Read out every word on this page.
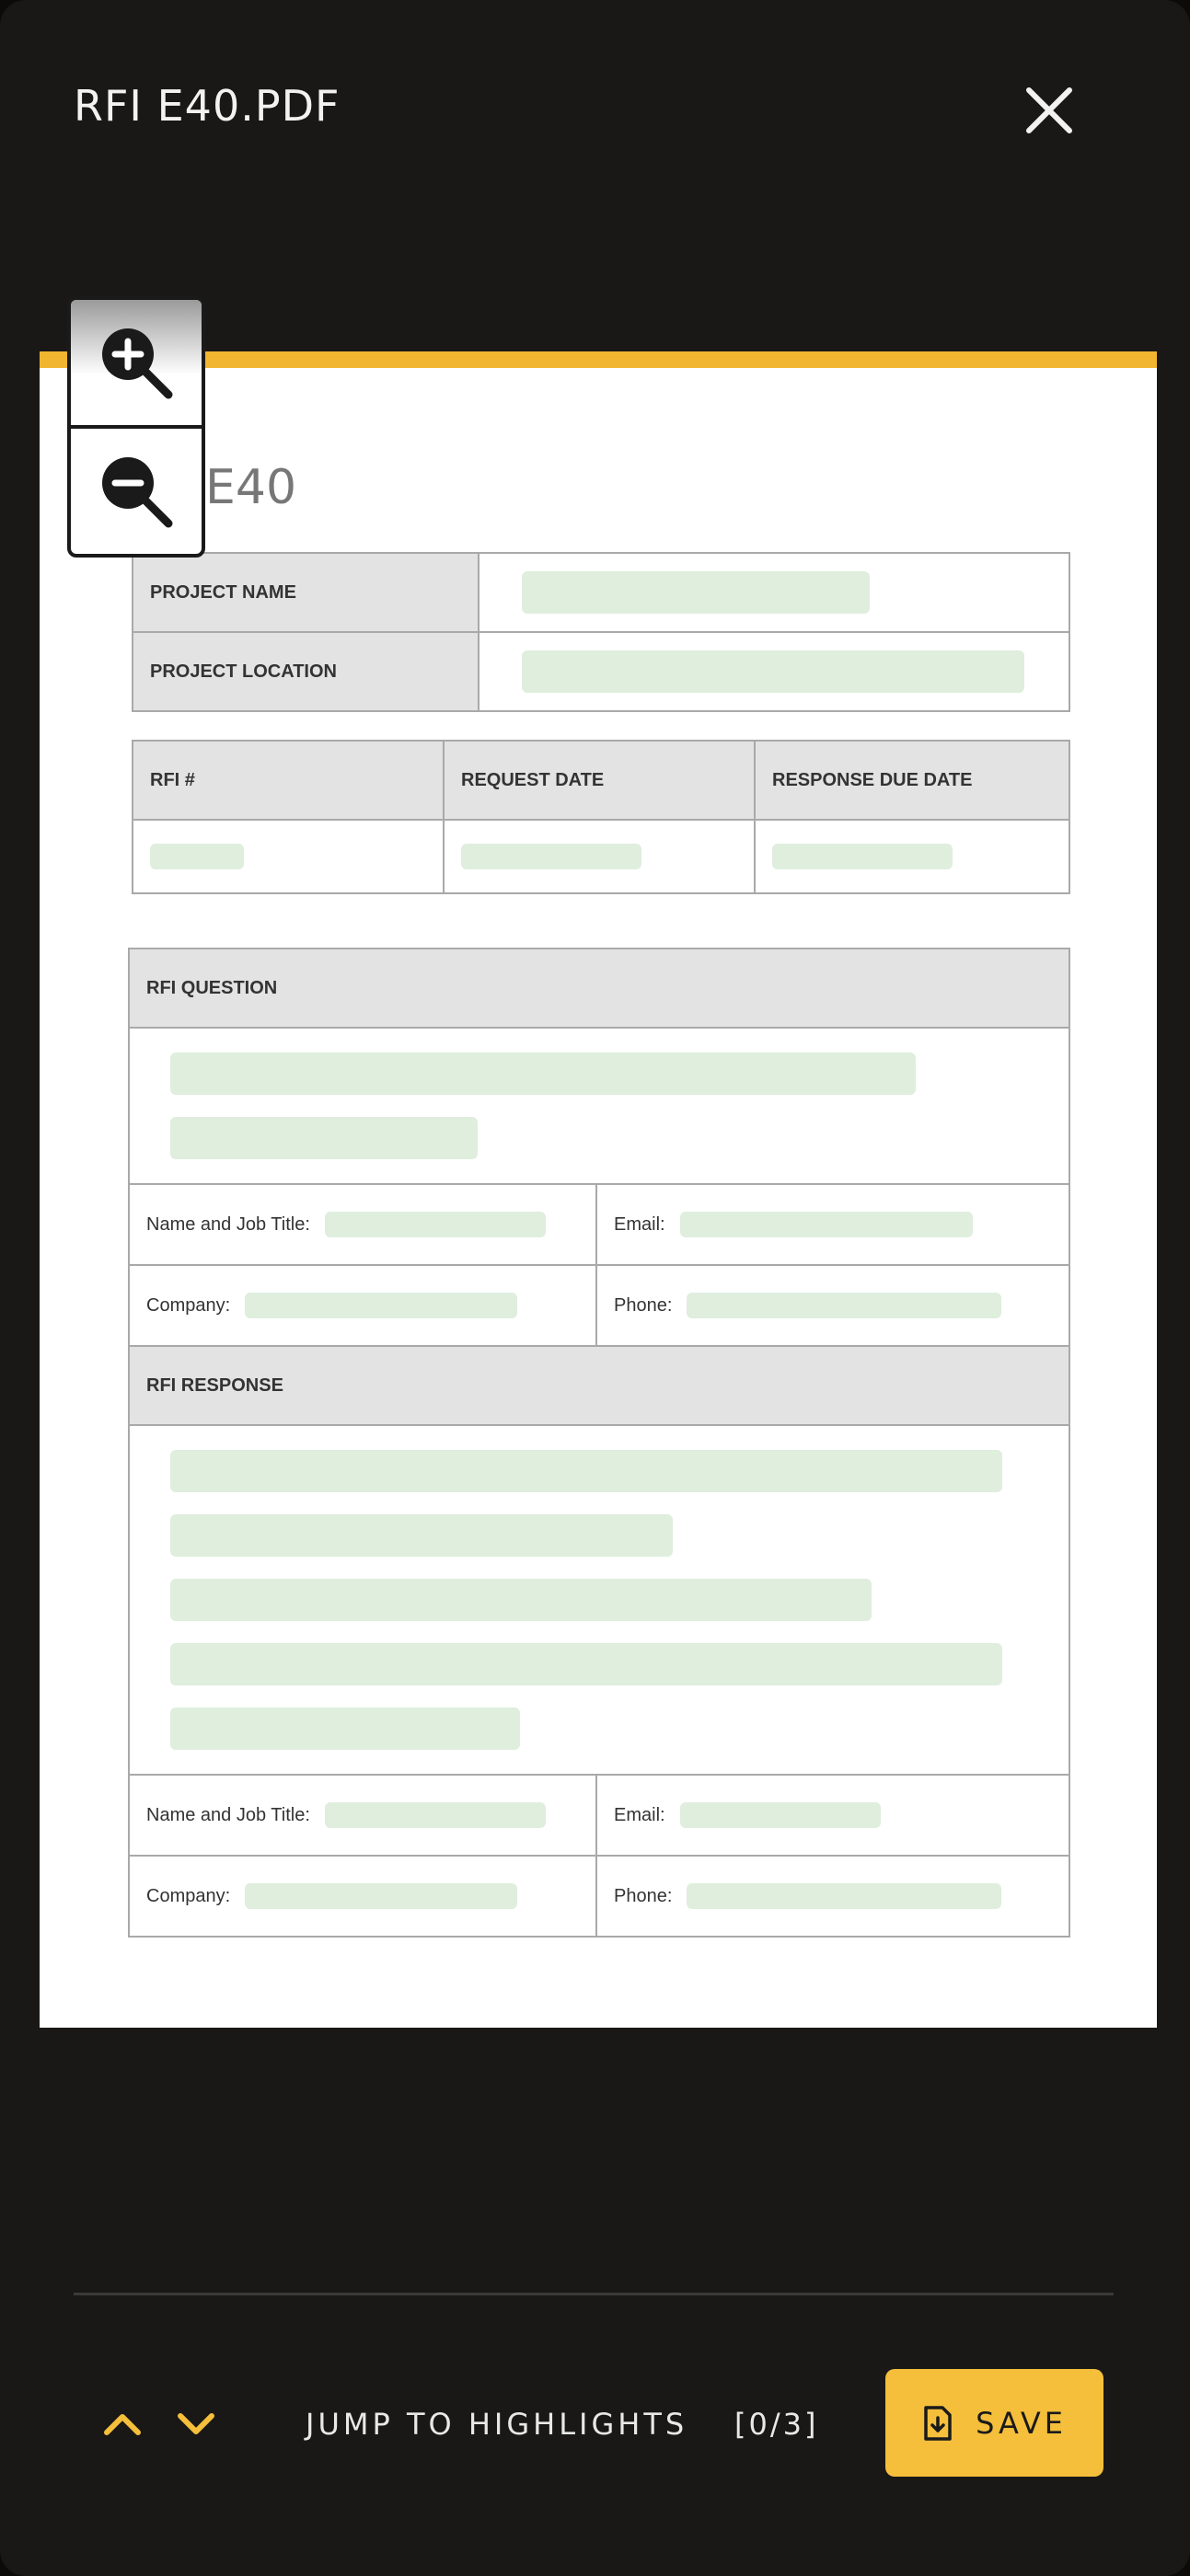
RFI E40.PDF
E40
PROJECT NAME	
PROJECT LOCATION	
RFI #	REQUEST DATE	RESPONSE DUE DATE

RFI QUESTION	

Name and Job Title:	Email:
Company:	Phone:
RFI RESPONSE	

Name and Job Title:	Email:
Company:	Phone:
JUMP TO HIGHLIGHTS [0/3]	SAVE
